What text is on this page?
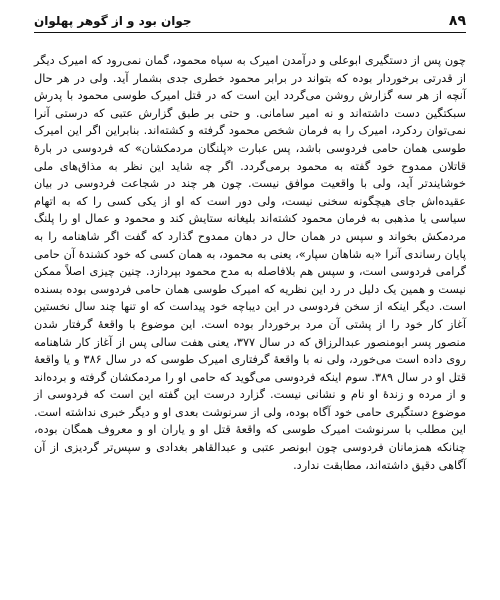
۸۹
جوان بود و از گوهر پهلوان

چون پس از دستگیری ابوعلی و درآمدن امیرک به سپاه محمود، گمان نمی‌رود که امیرک دیگر از قدرتی برخوردار بوده که بتواند در برابر محمود خطری جدی بشمار آید. ولی در هر حال آنچه از هر سه گزارش روشن می‌گردد این است که در قتل امیرک طوسی محمود با پدرش سبکتگین دست داشته‌اند و نه امیر سامانی. و حتی بر طبق گزارش عتبی که درستی آنرا نمی‌توان ردکرد، امیرک را به فرمان شخص محمود گرفته و کشته‌اند. بنابراین اگر این امیرک طوسی همان حامی فردوسی باشد، پس عبارت «پلنگان مردمکشان» که فردوسی در بارهٔ قاتلان ممدوح خود گفته به محمود برمی‌گردد. اگر چه شاید این نظر به مذاق‌های ملی خوشایندتر آید، ولی با واقعیت موافق نیست. چون هر چند در شجاعت فردوسی در بیان عقیده‌اش جای هیچگونه سخنی نیست، ولی دور است که او از یکی کسی را که به اتهام سیاسی یا مذهبی به فرمان محمود کشته‌اند بلیغانه ستایش کند و محمود و عمال او را پلنگ مردمکش بخواند و سپس در همان حال در دهان ممدوح گذارد که گفت اگر شاهنامه را به پایان رساندی آنرا «به شاهان سپار»، یعنی به محمود، به همان کسی که خود کشندهٔ آن حامی گرامی فردوسی است، و سپس هم بلافاصله به مدح محمود بپردازد. چنین چیزی اصلاً ممکن نیست و همین یک دلیل در رد این نظریه که امیرک طوسی همان حامی فردوسی بوده بسنده است. دیگر اینکه از سخن فردوسی در این دیباچه خود پیداست که او تنها چند سال نخستین آغاز کار خود را از پشتی آن مرد برخوردار بوده است. این موضوع با واقعهٔ گرفتار شدن منصور پسر ابومنصور عبدالرزاق که در سال ۳۷۷، یعنی هفت سالی پس از آغاز کار شاهنامه روی داده است می‌خورد، ولی نه با واقعهٔ گرفتاری امیرک طوسی که در سال ۳۸۶ و یا واقعهٔ قتل او در سال ۳۸۹. سوم اینکه فردوسی می‌گوید که حامی او را مردمکشان گرفته و برده‌اند و از مرده و زندهٔ او نام و نشانی نیست. گزارد درست این گفته این است که فردوسی از موضوع دستگیری حامی خود آگاه بوده، ولی از سرنوشت بعدی او و دیگر خبری نداشته است. این مطلب با سرنوشت امیرک طوسی که واقعهٔ قتل او و یاران او و معروف همگان بوده، چنانکه همزمانان فردوسی چون ابونصر عتبی و عبدالقاهر بغدادی و سپس‌تر گردیزی از آن آگاهی دقیق داشته‌اند، مطابقت ندارد.
